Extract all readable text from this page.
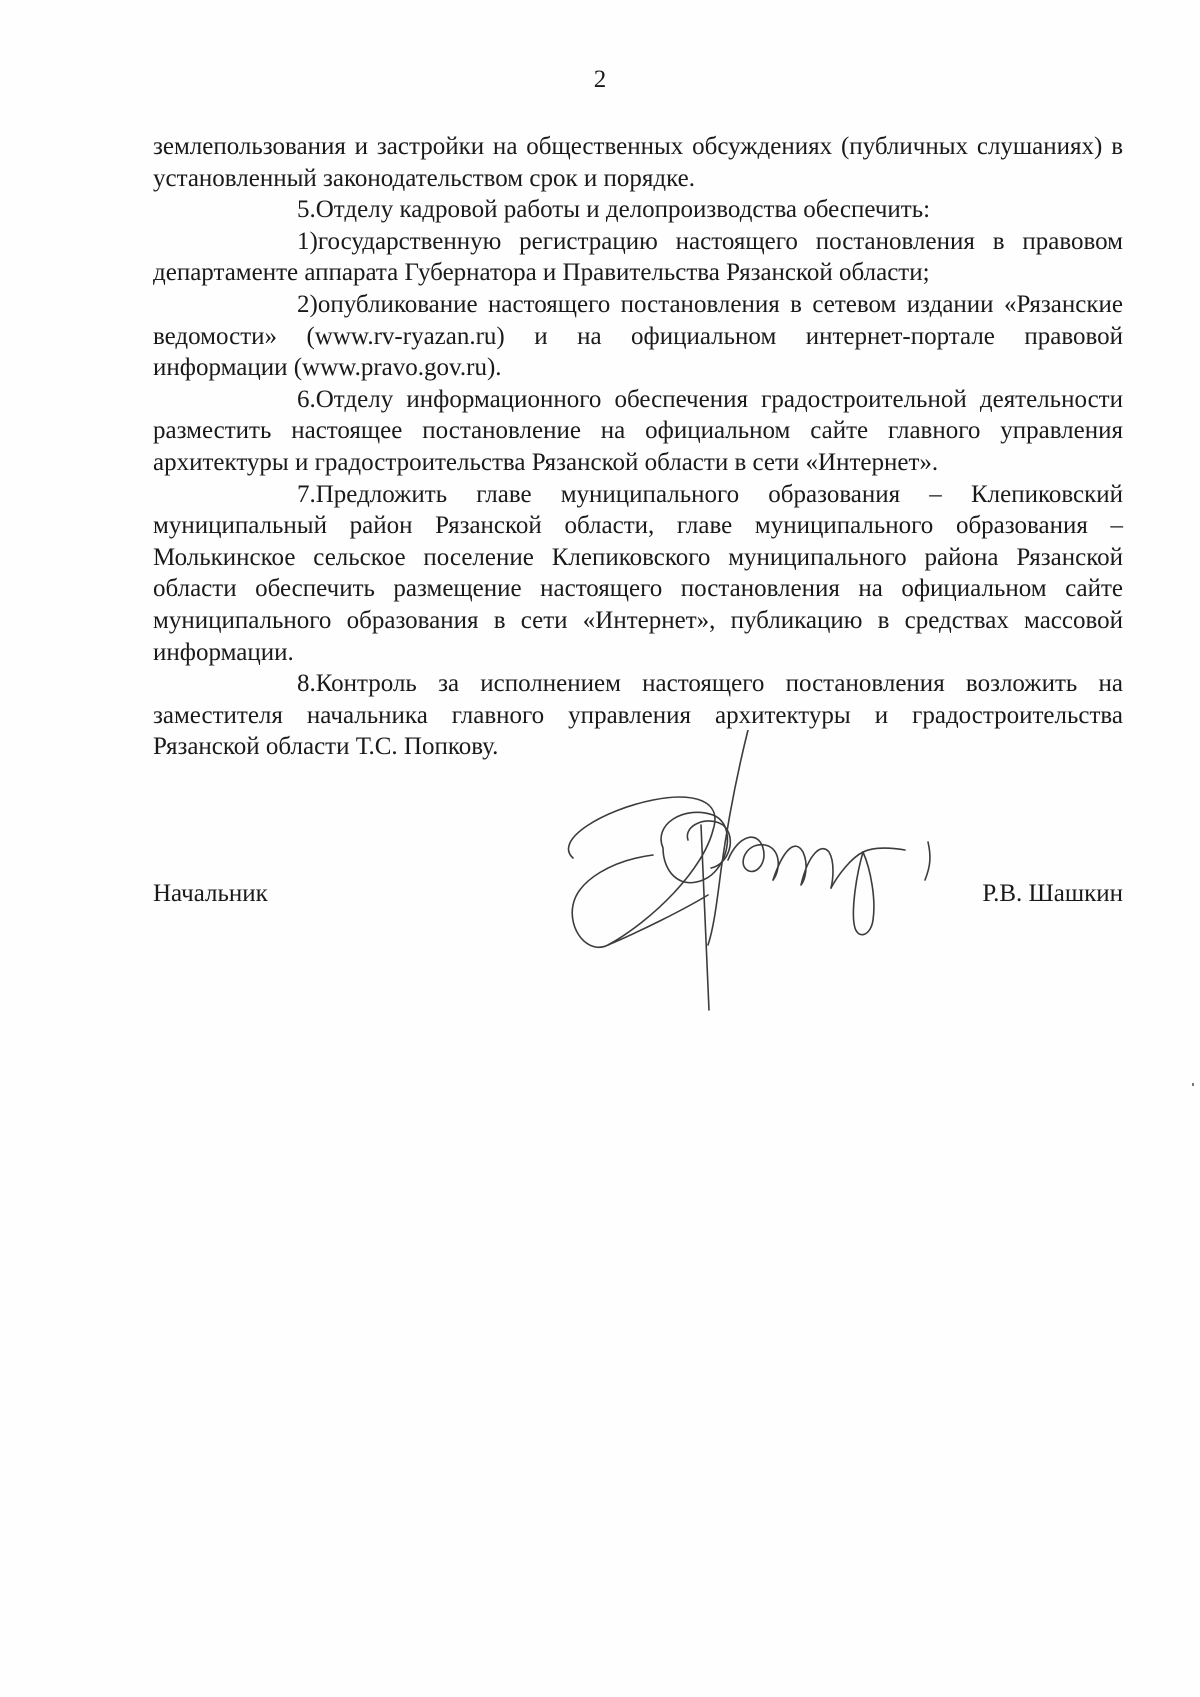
2

землепользования и застройки на общественных обсуждениях (публичных слушаниях) в установленный законодательством срок и порядке.

5.Отделу кадровой работы и делопроизводства обеспечить:

1)государственную регистрацию настоящего постановления в правовом департаменте аппарата Губернатора и Правительства Рязанской области;

2)опубликование настоящего постановления в сетевом издании «Рязанские ведомости» (www.rv-ryazan.ru) и на официальном интернет-портале правовой информации (www.pravo.gov.ru).

6.Отделу информационного обеспечения градостроительной деятельности разместить настоящее постановление на официальном сайте главного управления архитектуры и градостроительства Рязанской области в сети «Интернет».

7.Предложить главе муниципального образования – Клепиковский муниципальный район Рязанской области, главе муниципального образования – Молькинское сельское поселение Клепиковского муниципального района Рязанской области обеспечить размещение настоящего постановления на официальном сайте муниципального образования в сети «Интернет», публикацию в средствах массовой информации.

8.Контроль за исполнением настоящего постановления возложить на заместителя начальника главного управления архитектуры и градостроительства Рязанской области Т.С. Попкову.

Начальник	Р.В. Шашкин
